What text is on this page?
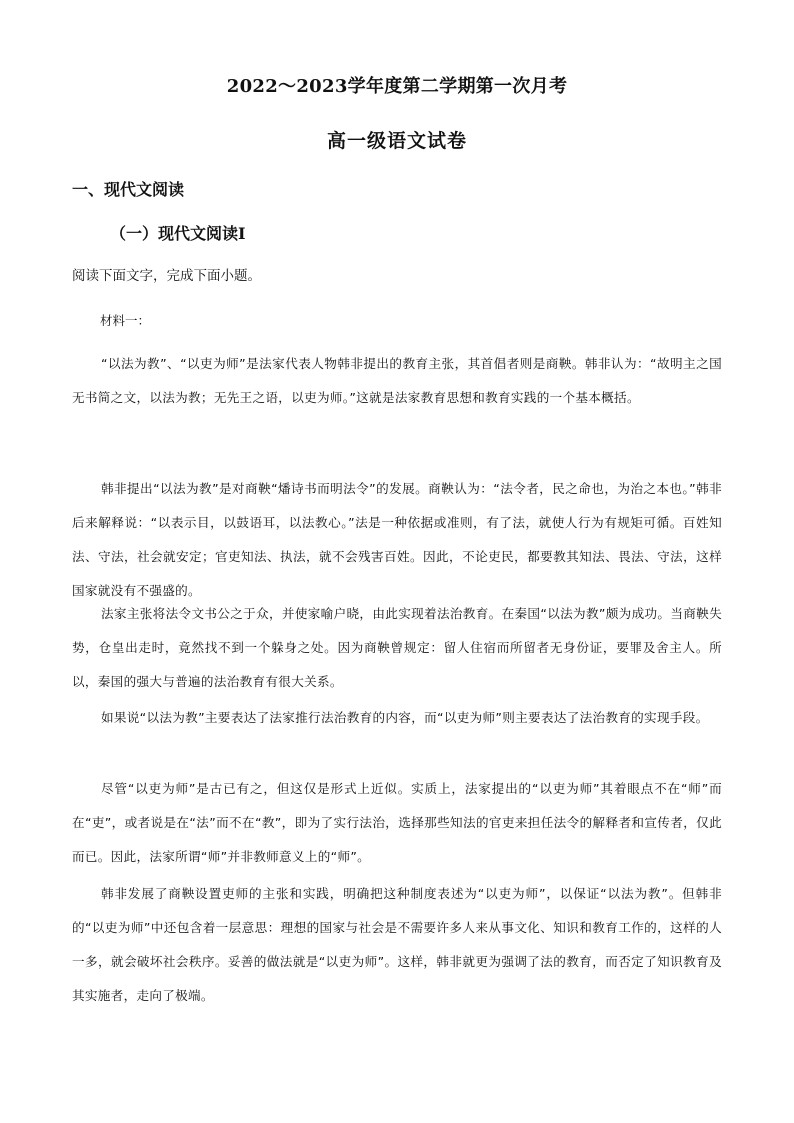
2022～2023学年度第二学期第一次月考
高一级语文试卷
一、现代文阅读
（一）现代文阅读Ⅰ
阅读下面文字，完成下面小题。
材料一：

“以法为教”、“以吏为师”是法家代表人物韩非提出的教育主张，其首倡者则是商鞅。韩非认为：“故明主之国无书简之文，以法为教；无先王之语，以吏为师。”这就是法家教育思想和教育实践的一个基本概括。

韩非提出“以法为教”是对商鞅“燔诗书而明法令”的发展。商鞅认为：“法令者，民之命也，为治之本也。”韩非后来解释说：“以表示目，以鼓语耳，以法教心。”法是一种依据或准则，有了法，就使人行为有规矩可循。百姓知法、守法，社会就安定；官吏知法、执法，就不会残害百姓。因此，不论吏民，都要教其知法、畏法、守法，这样国家就没有不强盛的。

法家主张将法令文书公之于众，并使家喻户晓，由此实现着法治教育。在秦国“以法为教”颇为成功。当商鞅失势，仓皇出走时，竟然找不到一个躲身之处。因为商鞅曾规定：留人住宿而所留者无身份证，要罪及舍主人。所以，秦国的强大与普遍的法治教育有很大关系。

如果说“以法为教”主要表达了法家推行法治教育的内容，而“以吏为师”则主要表达了法治教育的实现手段。

尽管“以吏为师”是古已有之，但这仅是形式上近似。实质上，法家提出的“以吏为师”其着眼点不在“师”而在“吏”，或者说是在“法”而不在“教”，即为了实行法治，选择那些知法的官吏来担任法令的解释者和宣传者，仅此而已。因此，法家所谓“师”并非教师意义上的“师”。

韩非发展了商鞅设置吏师的主张和实践，明确把这种制度表述为“以吏为师”，以保证“以法为教”。但韩非的“以吏为师”中还包含着一层意思：理想的国家与社会是不需要许多人来从事文化、知识和教育工作的，这样的人一多，就会破坏社会秩序。妥善的做法就是“以吏为师”。这样，韩非就更为强调了法的教育，而否定了知识教育及其实施者，走向了极端。
